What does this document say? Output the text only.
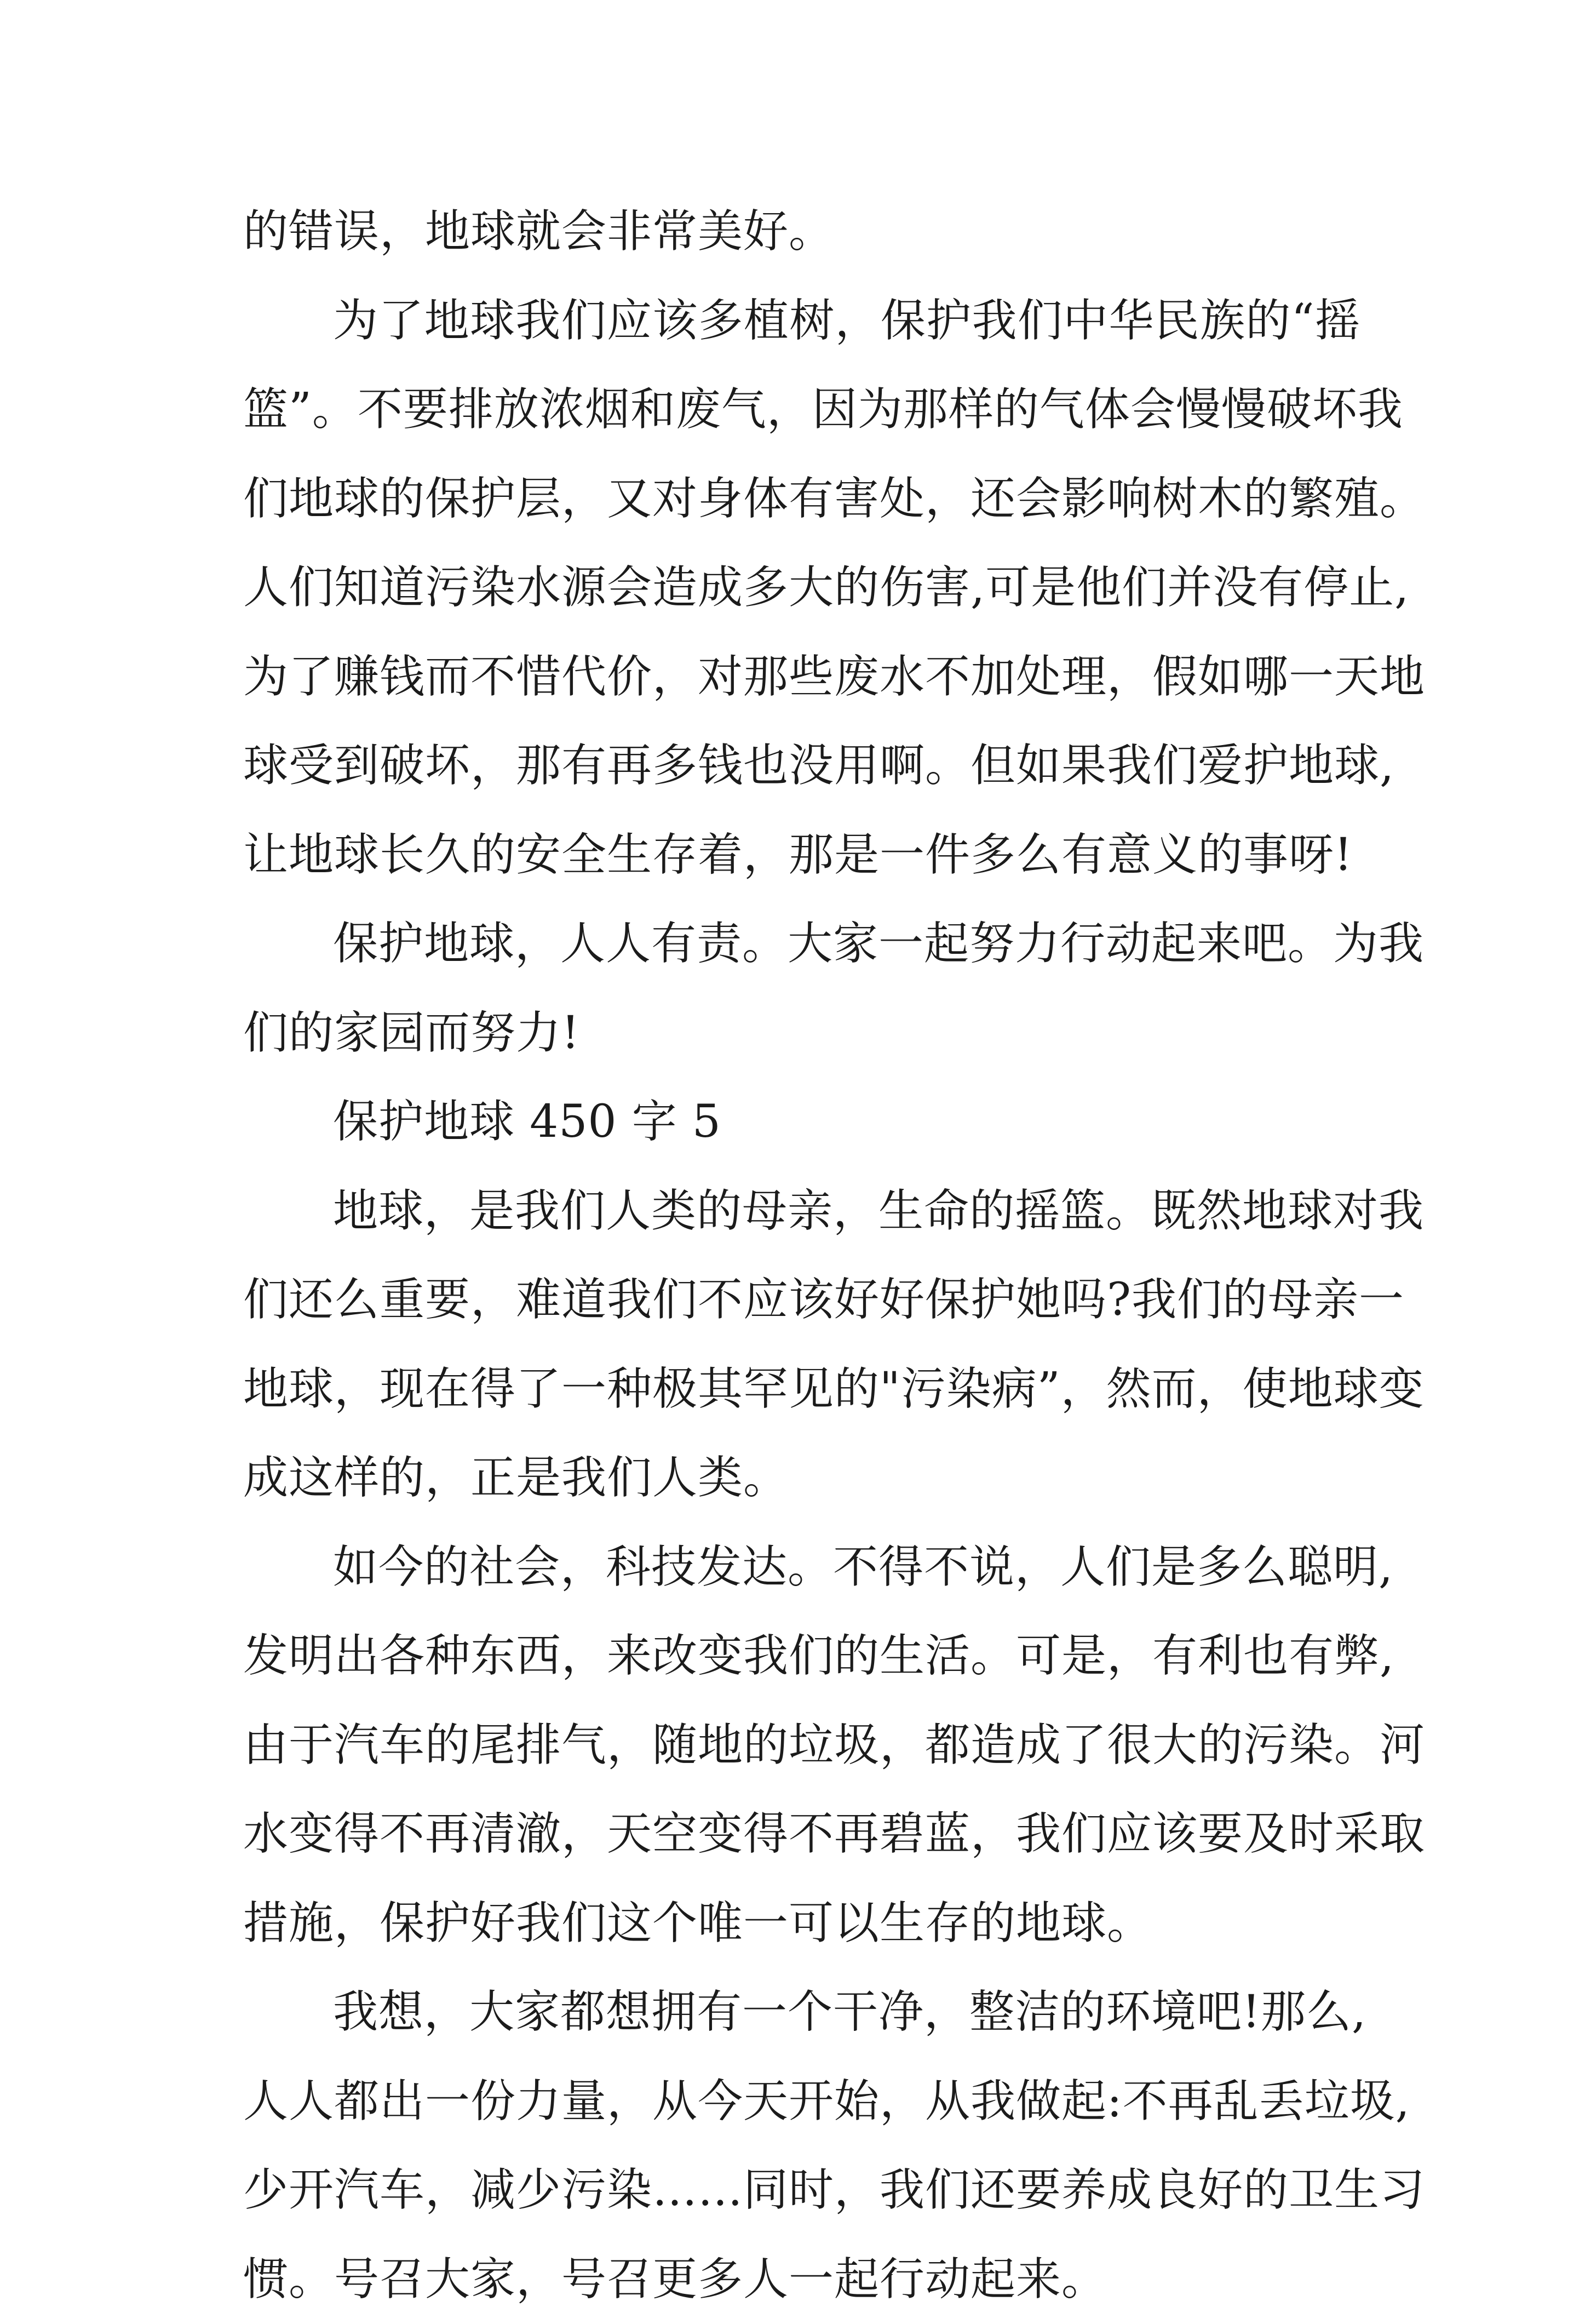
的错误，地球就会非常美好。
为了地球我们应该多植树，保护我们中华民族的“摇
篮”。不要排放浓烟和废气，因为那样的气体会慢慢破坏我
们地球的保护层，又对身体有害处，还会影响树木的繁殖。
人们知道污染水源会造成多大的伤害,可是他们并没有停止,
为了赚钱而不惜代价，对那些废水不加处理，假如哪一天地
球受到破坏，那有再多钱也没用啊。但如果我们爱护地球,
让地球长久的安全生存着，那是一件多么有意义的事呀!
保护地球，人人有责。大家一起努力行动起来吧。为我
们的家园而努力!
保护地球 450 字 5
地球，是我们人类的母亲，生命的摇篮。既然地球对我
们还么重要，难道我们不应该好好保护她吗?我们的母亲一
地球，现在得了一种极其罕见的"污染病”，然而，使地球变
成这样的，正是我们人类。
如今的社会，科技发达。不得不说，人们是多么聪明,
发明出各种东西，来改变我们的生活。可是，有利也有弊,
由于汽车的尾排气，随地的垃圾，都造成了很大的污染。河
水变得不再清澈，天空变得不再碧蓝，我们应该要及时采取
措施，保护好我们这个唯一可以生存的地球。
我想，大家都想拥有一个干净，整洁的环境吧!那么,
人人都出一份力量，从今天开始，从我做起:不再乱丢垃圾,
少开汽车，减少污染……同时，我们还要养成良好的卫生习
惯。号召大家，号召更多人一起行动起来。
